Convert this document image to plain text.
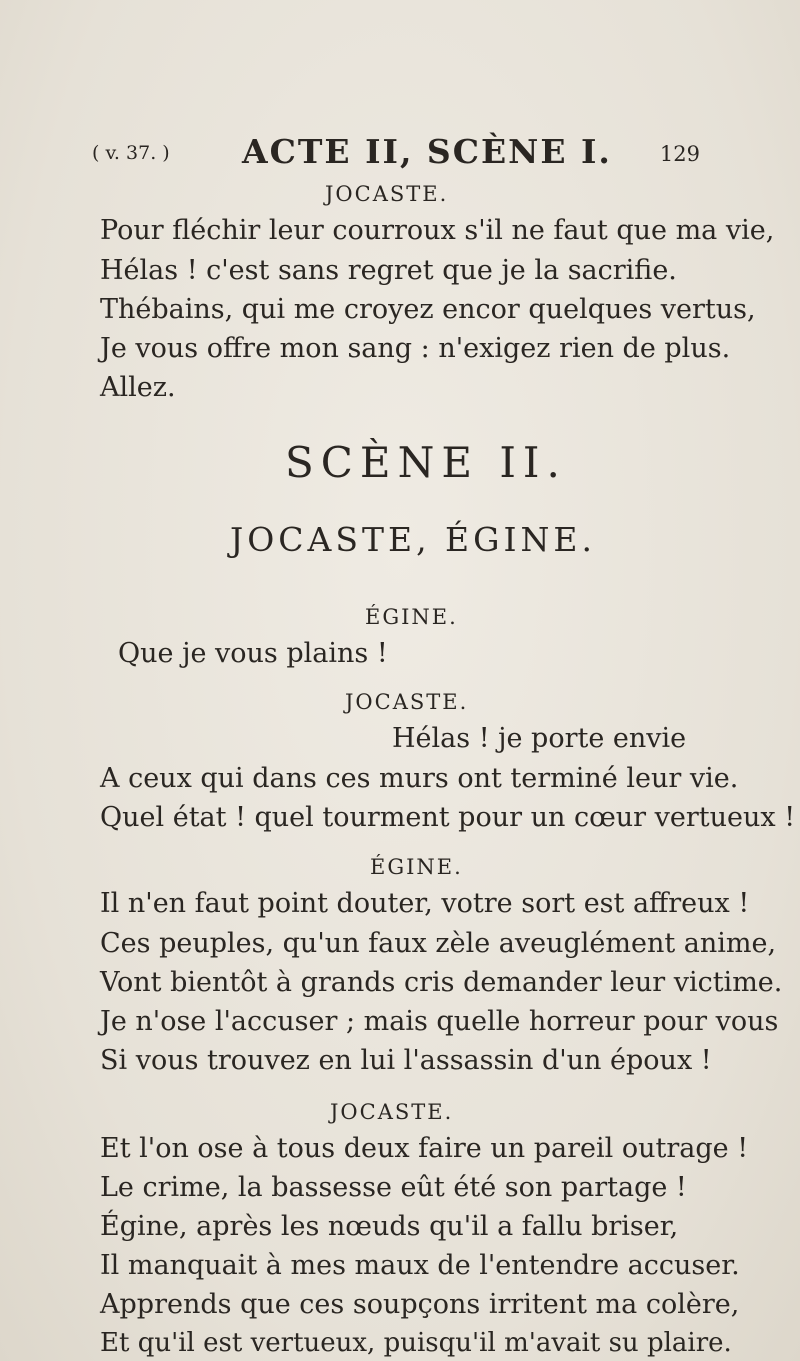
( v. 37. ) ACTE II, SCÈNE I. 129
JOCASTE.
Pour fléchir leur courroux s'il ne faut que ma vie,
Hélas ! c'est sans regret que je la sacrifie.
Thébains, qui me croyez encor quelques vertus,
Je vous offre mon sang : n'exigez rien de plus.
Allez.
SCÈNE II.
JOCASTE, ÉGINE.
ÉGINE.
Que je vous plains !
JOCASTE.
Hélas ! je porte envie
A ceux qui dans ces murs ont terminé leur vie.
Quel état ! quel tourment pour un cœur vertueux !
ÉGINE.
Il n'en faut point douter, votre sort est affreux !
Ces peuples, qu'un faux zèle aveuglément anime,
Vont bientôt à grands cris demander leur victime.
Je n'ose l'accuser ; mais quelle horreur pour vous
Si vous trouvez en lui l'assassin d'un époux !
JOCASTE.
Et l'on ose à tous deux faire un pareil outrage !
Le crime, la bassesse eût été son partage !
Égine, après les nœuds qu'il a fallu briser,
Il manquait à mes maux de l'entendre accuser.
Apprends que ces soupçons irritent ma colère,
Et qu'il est vertueux, puisqu'il m'avait su plaire.
